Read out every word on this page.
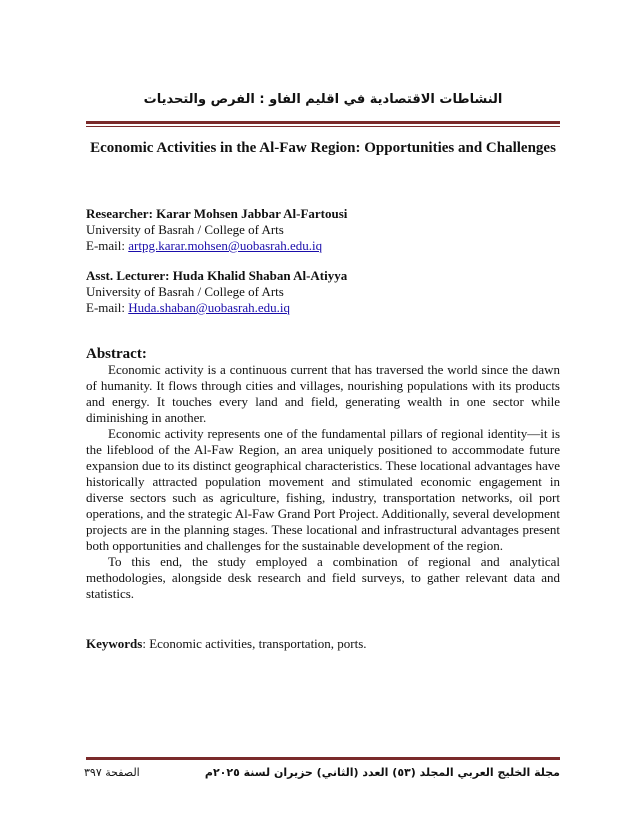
النشاطات الاقتصادية في اقليم الفاو : الفرص والتحديات
Economic Activities in the Al-Faw Region: Opportunities and Challenges
Researcher: Karar Mohsen Jabbar Al-Fartousi
University of Basrah / College of Arts
E-mail: artpg.karar.mohsen@uobasrah.edu.iq
Asst. Lecturer: Huda Khalid Shaban Al-Atiyya
University of Basrah / College of Arts
E-mail: Huda.shaban@uobasrah.edu.iq
Abstract:

Economic activity is a continuous current that has traversed the world since the dawn of humanity. It flows through cities and villages, nourishing populations with its products and energy. It touches every land and field, generating wealth in one sector while diminishing in another.

Economic activity represents one of the fundamental pillars of regional identity—it is the lifeblood of the Al-Faw Region, an area uniquely positioned to accommodate future expansion due to its distinct geographical characteristics. These locational advantages have historically attracted population movement and stimulated economic engagement in diverse sectors such as agriculture, fishing, industry, transportation networks, oil port operations, and the strategic Al-Faw Grand Port Project. Additionally, several development projects are in the planning stages. These locational and infrastructural advantages present both opportunities and challenges for the sustainable development of the region.

To this end, the study employed a combination of regional and analytical methodologies, alongside desk research and field surveys, to gather relevant data and statistics.

Keywords: Economic activities, transportation, ports.
مجلة الخليج العربي المجلد (٥٣) العدد (الثاني) حزيران لسنة ٢٠٢٥م
الصفحة ٣٩٧
